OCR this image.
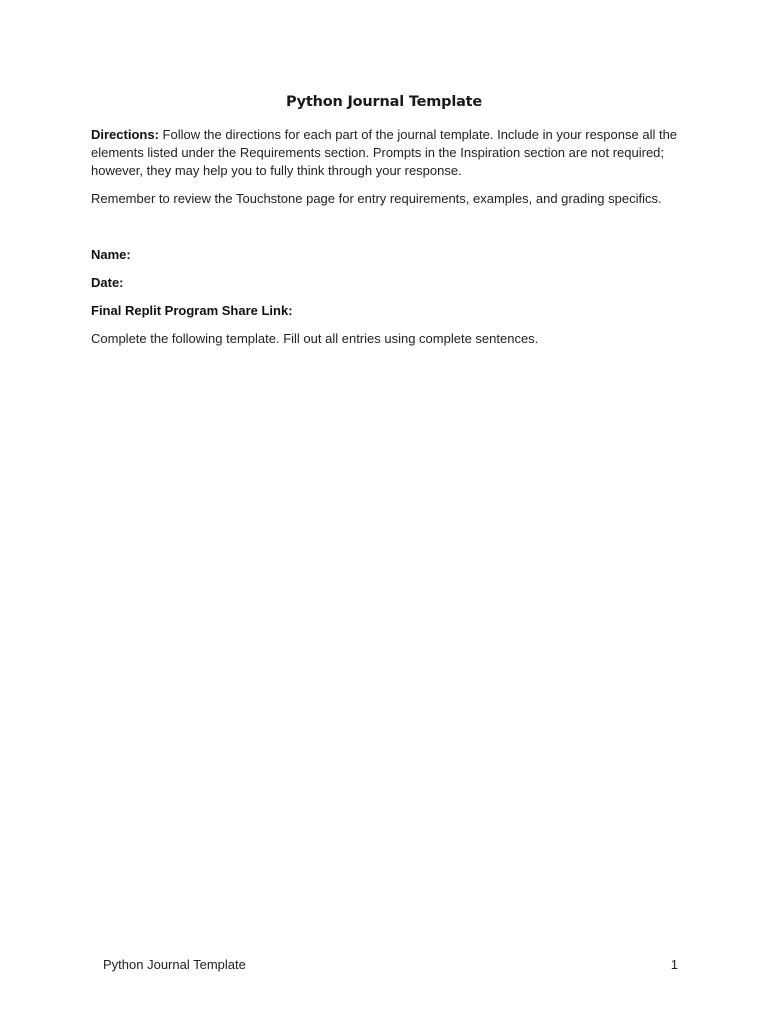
Python Journal Template

Directions: Follow the directions for each part of the journal template. Include in your response all the elements listed under the Requirements section. Prompts in the Inspiration section are not required; however, they may help you to fully think through your response.

Remember to review the Touchstone page for entry requirements, examples, and grading specifics.

Name:
Date:
Final Replit Program Share Link:

Complete the following template. Fill out all entries using complete sentences.

Python Journal Template	1
